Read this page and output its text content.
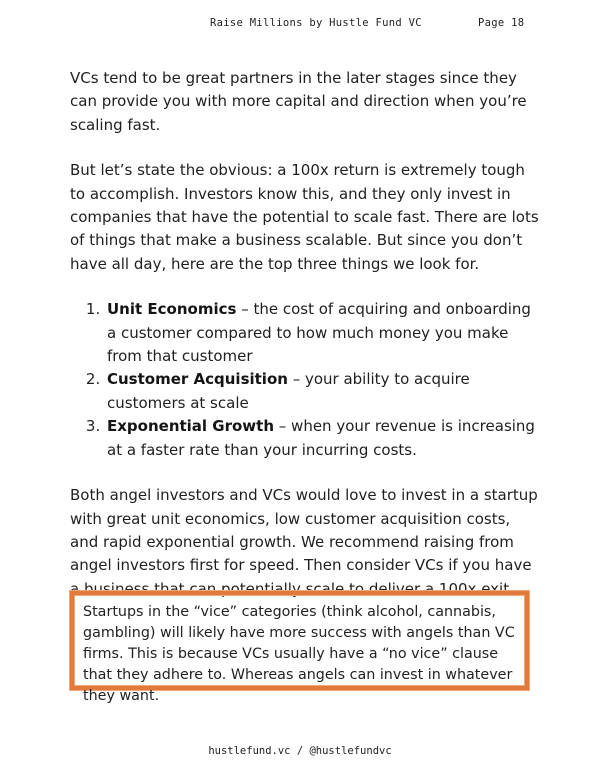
Raise Millions by Hustle Fund VC	Page 18

VCs tend to be great partners in the later stages since they can provide you with more capital and direction when you’re scaling fast.

But let’s state the obvious: a 100x return is extremely tough to accomplish. Investors know this, and they only invest in companies that have the potential to scale fast. There are lots of things that make a business scalable. But since you don’t have all day, here are the top three things we look for.

1. Unit Economics – the cost of acquiring and onboarding a customer compared to how much money you make from that customer
2. Customer Acquisition – your ability to acquire customers at scale
3. Exponential Growth – when your revenue is increasing at a faster rate than your incurring costs.

Both angel investors and VCs would love to invest in a startup with great unit economics, low customer acquisition costs, and rapid exponential growth. We recommend raising from angel investors first for speed. Then consider VCs if you have a business that can potentially scale to deliver a 100x exit.

Startups in the “vice” categories (think alcohol, cannabis, gambling) will likely have more success with angels than VC firms. This is because VCs usually have a “no vice” clause that they adhere to. Whereas angels can invest in whatever they want.
hustlefund.vc / @hustlefundvc
